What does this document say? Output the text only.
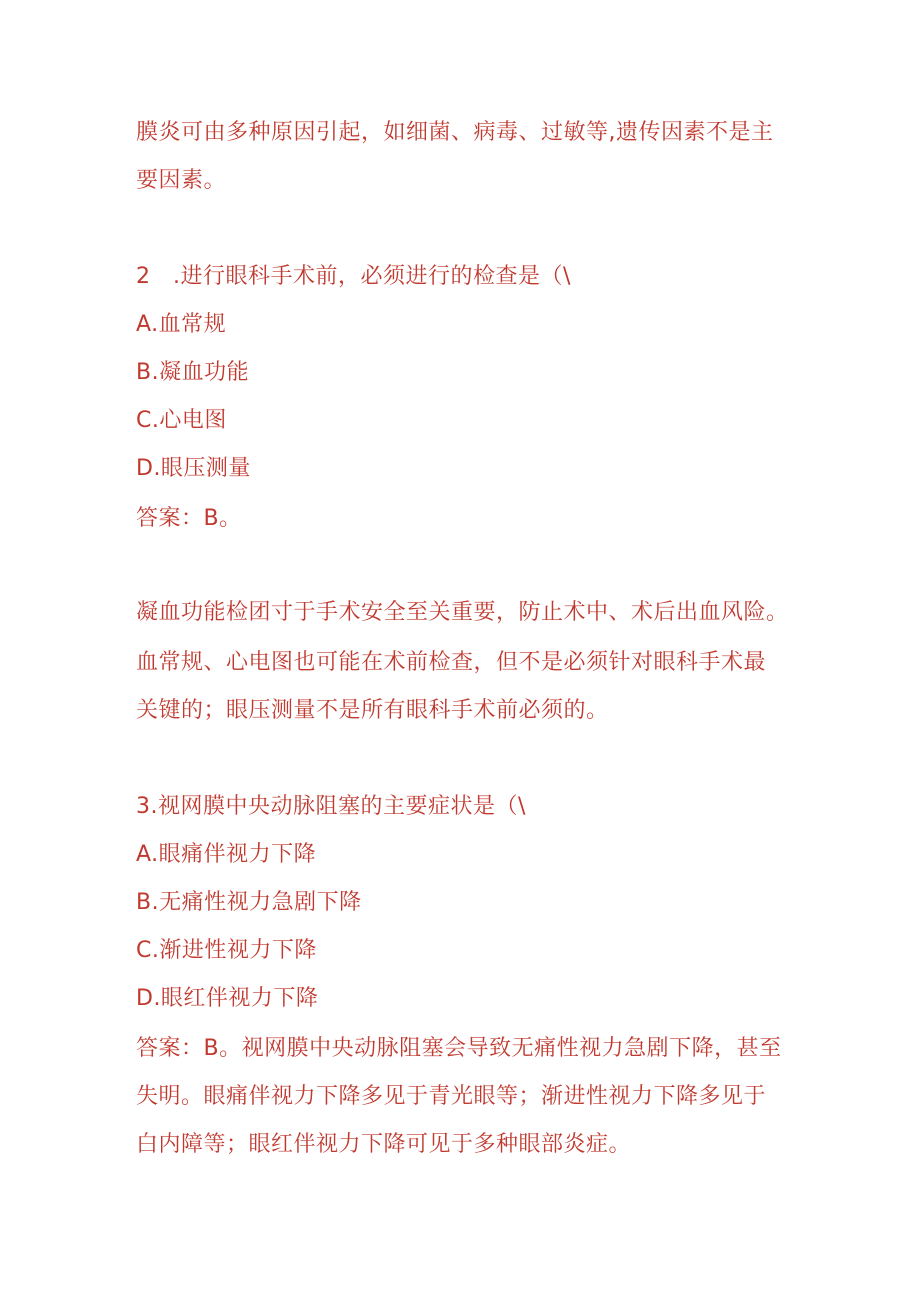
膜炎可由多种原因引起，如细菌、病毒、过敏等,遗传因素不是主
要因素。
2　.进行眼科手术前，必须进行的检查是（\
A.血常规
B.凝血功能
C.心电图
D.眼压测量
答案：B。
凝血功能检团寸于手术安全至关重要，防止术中、术后出血风险。
血常规、心电图也可能在术前检查，但不是必须针对眼科手术最
关键的；眼压测量不是所有眼科手术前必须的。
3.视网膜中央动脉阻塞的主要症状是（\
A.眼痛伴视力下降
B.无痛性视力急剧下降
C.渐进性视力下降
D.眼红伴视力下降
答案：B。视网膜中央动脉阻塞会导致无痛性视力急剧下降，甚至
失明。眼痛伴视力下降多见于青光眼等；渐进性视力下降多见于
白内障等；眼红伴视力下降可见于多种眼部炎症。
